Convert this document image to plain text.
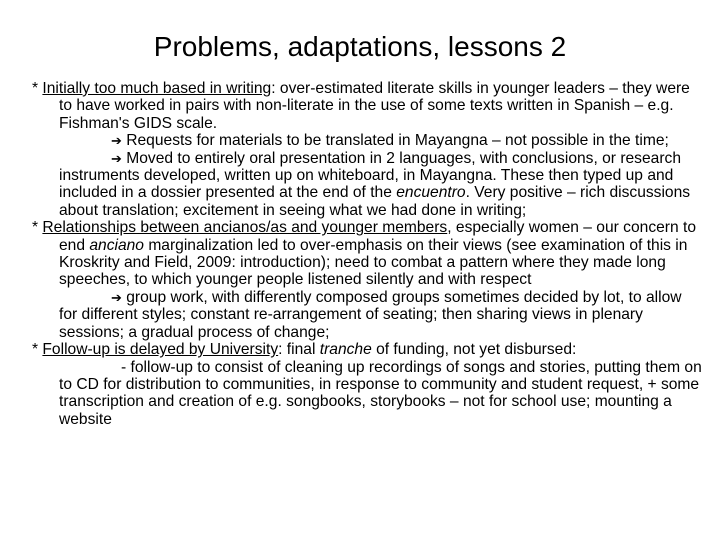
Problems, adaptations, lessons 2

* Initially too much based in writing: over-estimated literate skills in younger leaders – they were to have worked in pairs with non-literate in the use of some texts written in Spanish – e.g. Fishman's GIDS scale.

➔ Requests for materials to be translated in Mayangna – not possible in the time;

➔ Moved to entirely oral presentation in 2 languages, with conclusions, or research instruments developed, written up on whiteboard, in Mayangna. These then typed up and included in a dossier presented at the end of the encuentro. Very positive – rich discussions about translation; excitement in seeing what we had done in writing;

* Relationships between ancianos/as and younger members, especially women – our concern to end anciano marginalization led to over-emphasis on their views (see examination of this in Kroskrity and Field, 2009: introduction); need to combat a pattern where they made long speeches, to which younger people listened silently and with respect

➔ group work, with differently composed groups sometimes decided by lot, to allow for different styles; constant re-arrangement of seating; then sharing views in plenary sessions; a gradual process of change;

* Follow-up is delayed by University: final tranche of funding, not yet disbursed:

- follow-up to consist of cleaning up recordings of songs and stories, putting them on to CD for distribution to communities, in response to community and student request, + some transcription and creation of e.g. songbooks, storybooks – not for school use; mounting a website
